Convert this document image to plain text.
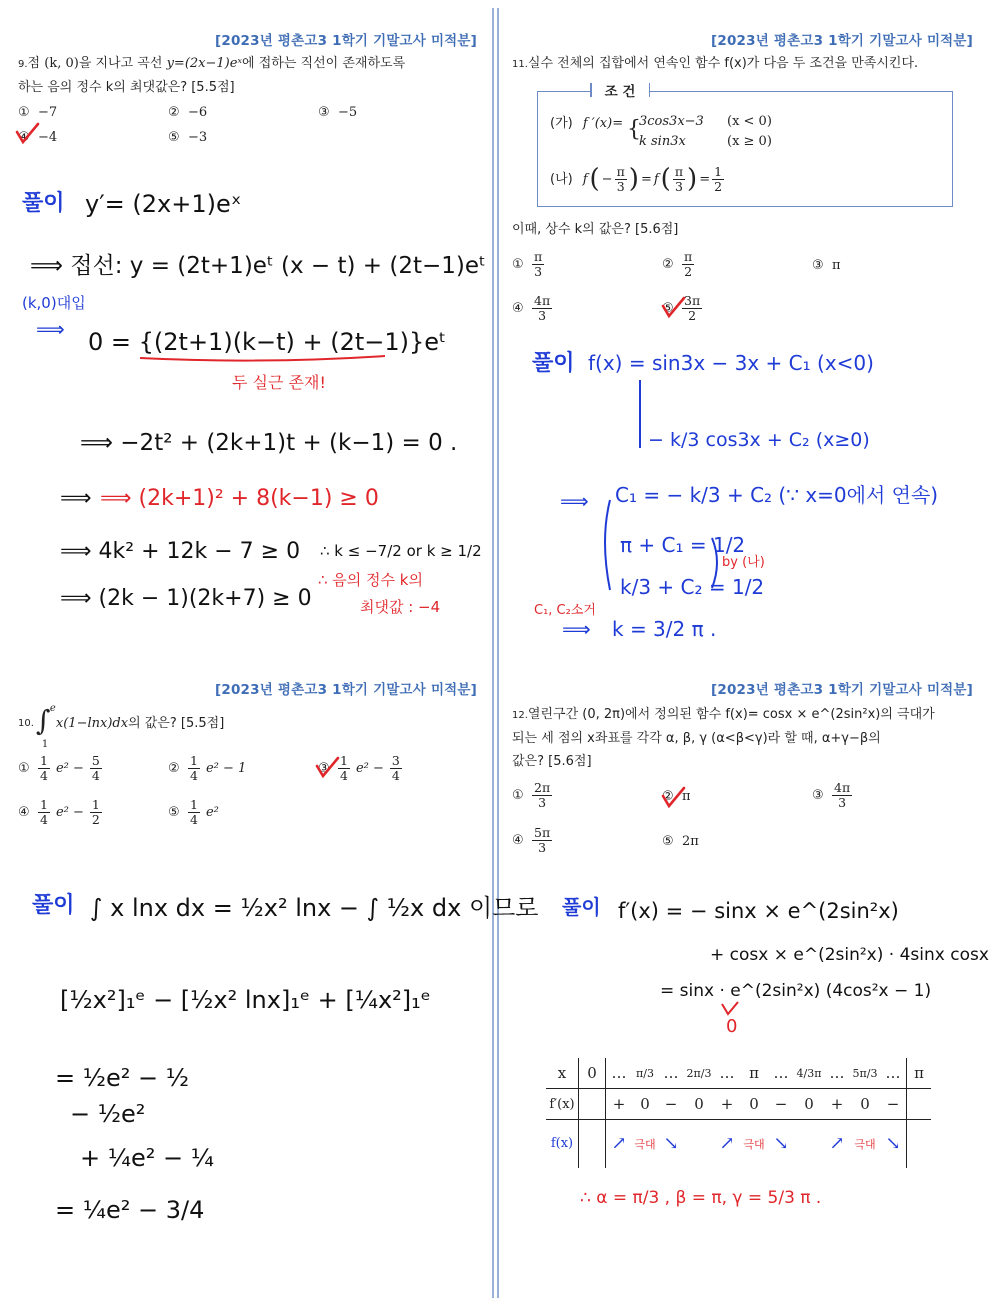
[2023년 평촌고3 1학기 기말고사 미적분]	[2023년 평촌고3 1학기 기말고사 미적분]
[2023년 평촌고3 1학기 기말고사 미적분]	[2023년 평촌고3 1학기 기말고사 미적분]
9.점 (k, 0)을 지나고 곡선 y=(2x−1)eˣ에 접하는 직선이 존재하도록
하는 음의 정수 k의 최댓값은? [5.5점]
① −7	② −6	③ −5
④ −4	⑤ −3
풀이 y′= (2x+1)eˣ
⟹ 접선: y = (2t+1)eᵗ (x − t) + (2t−1)eᵗ
(k,0)대입
⟹ 0 = {(2t+1)(k−t) + (2t−1)}eᵗ
두 실근 존재!
⟹ −2t² + (2k+1)t + (k−1) = 0 .
⟹ ⟹ (2k+1)² + 8(k−1) ≥ 0
⟹ 4k² + 12k − 7 ≥ 0 ∴ k ≤ −7/2 or k ≥ 1/2
⟹ (2k − 1)(2k+7) ≥ 0
∴ 음의 정수 k의
최댓값 : −4
11.실수 전체의 집합에서 연속인 함수 f(x)가 다음 두 조건을 만족시킨다.
조 건
(가) f ′(x)= {
3cos3x−3
k sin3x
(x < 0)
(x ≥ 0)
(나) f ( − $\frac{\pi}{3}$ ) = f ( $\frac{\pi}{3}$ ) = $\frac{1}{2}$
이때, 상수 k의 값은? [5.6점]
① $\frac{\pi}{3}$	② $\frac{\pi}{2}$	③ π
④ $\frac{4\pi}{3}$	⑤ $\frac{3\pi}{2}$
풀이 f(x) = sin3x − 3x + C₁ (x<0)
− k/3 cos3x + C₂ (x≥0)
⟹ C₁ = − k/3 + C₂ (∵ x=0에서 연속)
π + C₁ = 1/2
k/3 + C₂ = 1/2
by (나)
C₁, C₂소거
⟹ k = 3/2 π .
10. ∫ e
1
x(1−lnx)dx 의 값은? [5.5점]
① $\frac{1}{4} e^2 - \frac{5}{4}$	② $\frac{1}{4} e^2 - 1$	③ $\frac{1}{4} e^2 - \frac{3}{4}$
④ $\frac{1}{4} e^2 - \frac{1}{2}$	⑤ $\frac{1}{4} e^2$
풀이 ∫ x lnx dx = ½x² lnx − ∫ ½x dx 이므로
[½x²]₁ᵉ − [½x² lnx]₁ᵉ + [¼x²]₁ᵉ
= ½e² − ½
− ½e²
+ ¼e² − ¼
= ¼e² − 3/4
12.열린구간 (0, 2π)에서 정의된 함수 f(x)= cosx × e^(2sin²x)의 극대가
되는 세 점의 x좌표를 각각 α, β, γ (α<β<γ)라 할 때, α+γ−β의
값은? [5.6점]
① $\frac{2\pi}{3}$	② π	③ $\frac{4\pi}{3}$
④ $\frac{5\pi}{3}$	⑤ 2π
풀이 f′(x) = − sinx × e^(2sin²x)
+ cosx × e^(2sin²x) · 4sinx cosx
= sinx · e^(2sin²x) (4cos²x − 1)
0
x	0	…	π/3	…	2π/3	…	π	…	4/3π	…	5π/3	…	π
f′(x)		+	0	−	0	+	0	−	0	+	0	−	
f(x)		↗	극대	↘		↗	극대	↘		↗	극대	↘	
∴ α = π/3 , β = π, γ = 5/3 π .
